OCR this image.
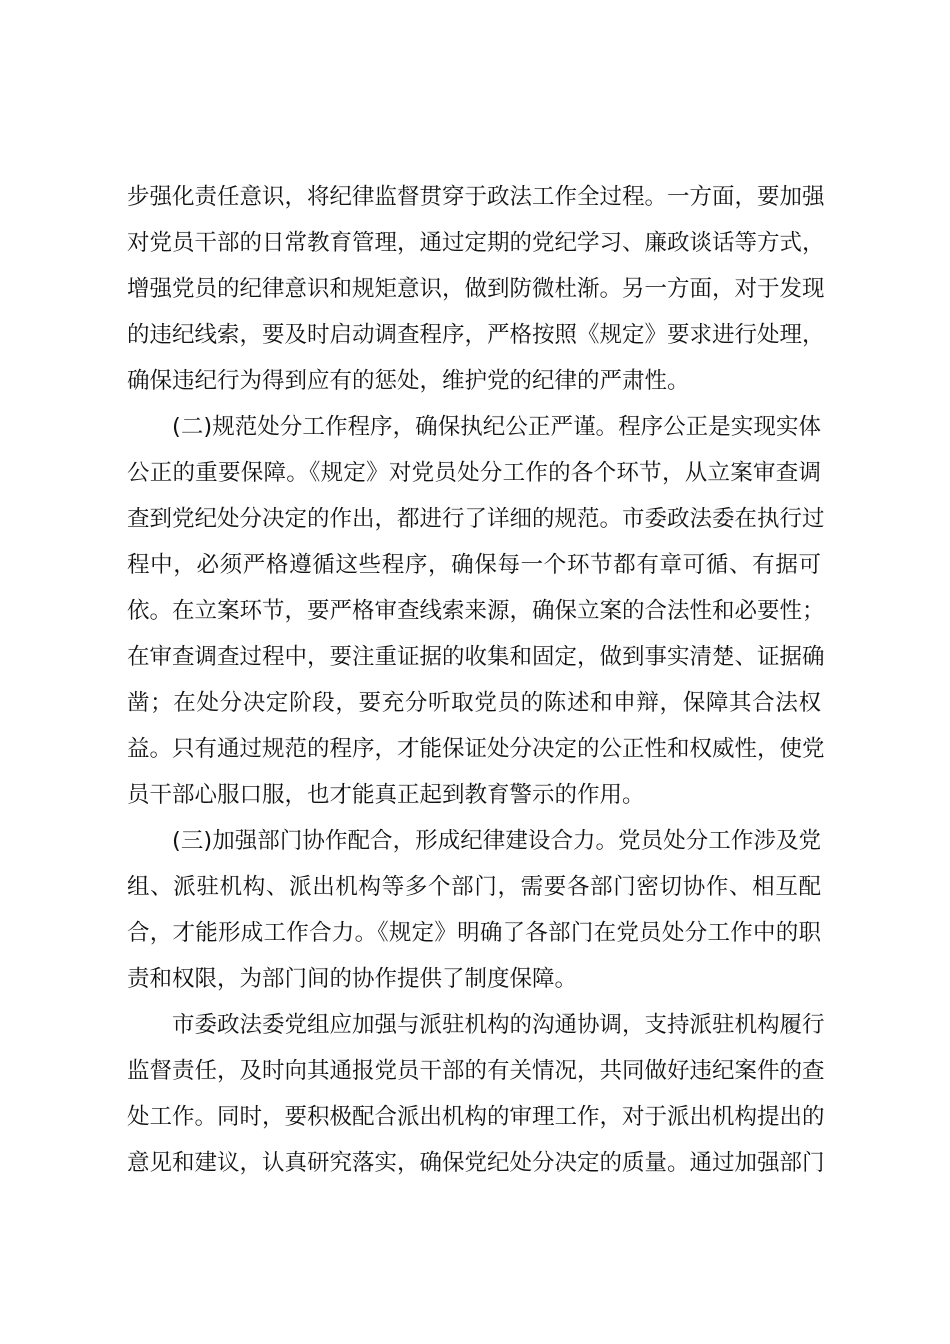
步强化责任意识，将纪律监督贯穿于政法工作全过程。一方面，要加强
对党员干部的日常教育管理，通过定期的党纪学习、廉政谈话等方式，
增强党员的纪律意识和规矩意识，做到防微杜渐。另一方面，对于发现
的违纪线索，要及时启动调查程序，严格按照《规定》要求进行处理，
确保违纪行为得到应有的惩处，维护党的纪律的严肃性。
(二)规范处分工作程序，确保执纪公正严谨。程序公正是实现实体
公正的重要保障。《规定》对党员处分工作的各个环节，从立案审查调
查到党纪处分决定的作出，都进行了详细的规范。市委政法委在执行过
程中，必须严格遵循这些程序，确保每一个环节都有章可循、有据可
依。在立案环节，要严格审查线索来源，确保立案的合法性和必要性；
在审查调查过程中，要注重证据的收集和固定，做到事实清楚、证据确
凿；在处分决定阶段，要充分听取党员的陈述和申辩，保障其合法权
益。只有通过规范的程序，才能保证处分决定的公正性和权威性，使党
员干部心服口服，也才能真正起到教育警示的作用。
(三)加强部门协作配合，形成纪律建设合力。党员处分工作涉及党
组、派驻机构、派出机构等多个部门，需要各部门密切协作、相互配
合，才能形成工作合力。《规定》明确了各部门在党员处分工作中的职
责和权限，为部门间的协作提供了制度保障。
市委政法委党组应加强与派驻机构的沟通协调，支持派驻机构履行
监督责任，及时向其通报党员干部的有关情况，共同做好违纪案件的查
处工作。同时，要积极配合派出机构的审理工作，对于派出机构提出的
意见和建议，认真研究落实，确保党纪处分决定的质量。通过加强部门
